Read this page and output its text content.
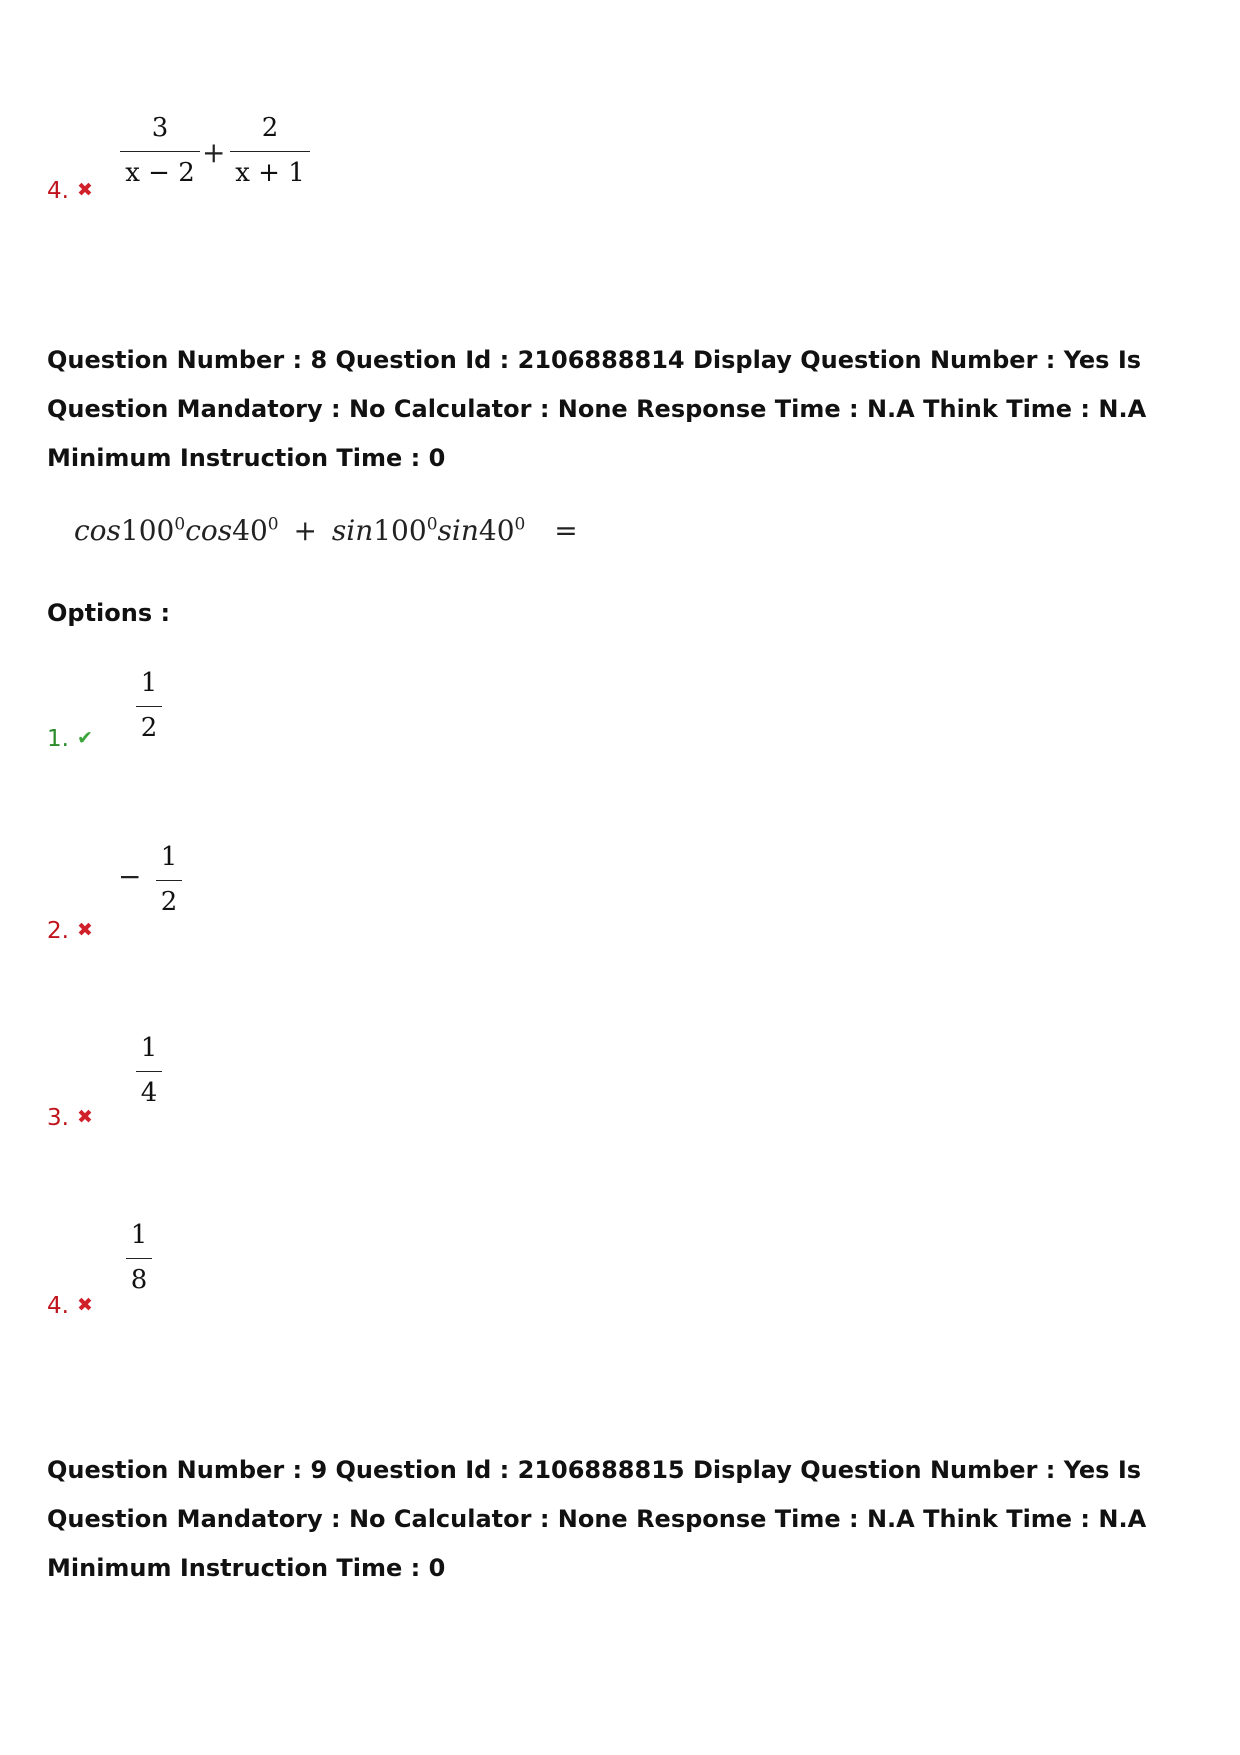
3
x − 2
+
2
x + 1
4. ✖
Question Number : 8 Question Id : 2106888814 Display Question Number : Yes Is Question Mandatory : No Calculator : None Response Time : N.A Think Time : N.A Minimum Instruction Time : 0
$\cos 100^0\cos 40^0 + \sin 100^0\sin 40^0$ =
Options :
1
2
1. ✔
−
1
2
2. ✖
1
4
3. ✖
1
8
4. ✖
Question Number : 9 Question Id : 2106888815 Display Question Number : Yes Is Question Mandatory : No Calculator : None Response Time : N.A Think Time : N.A Minimum Instruction Time : 0
